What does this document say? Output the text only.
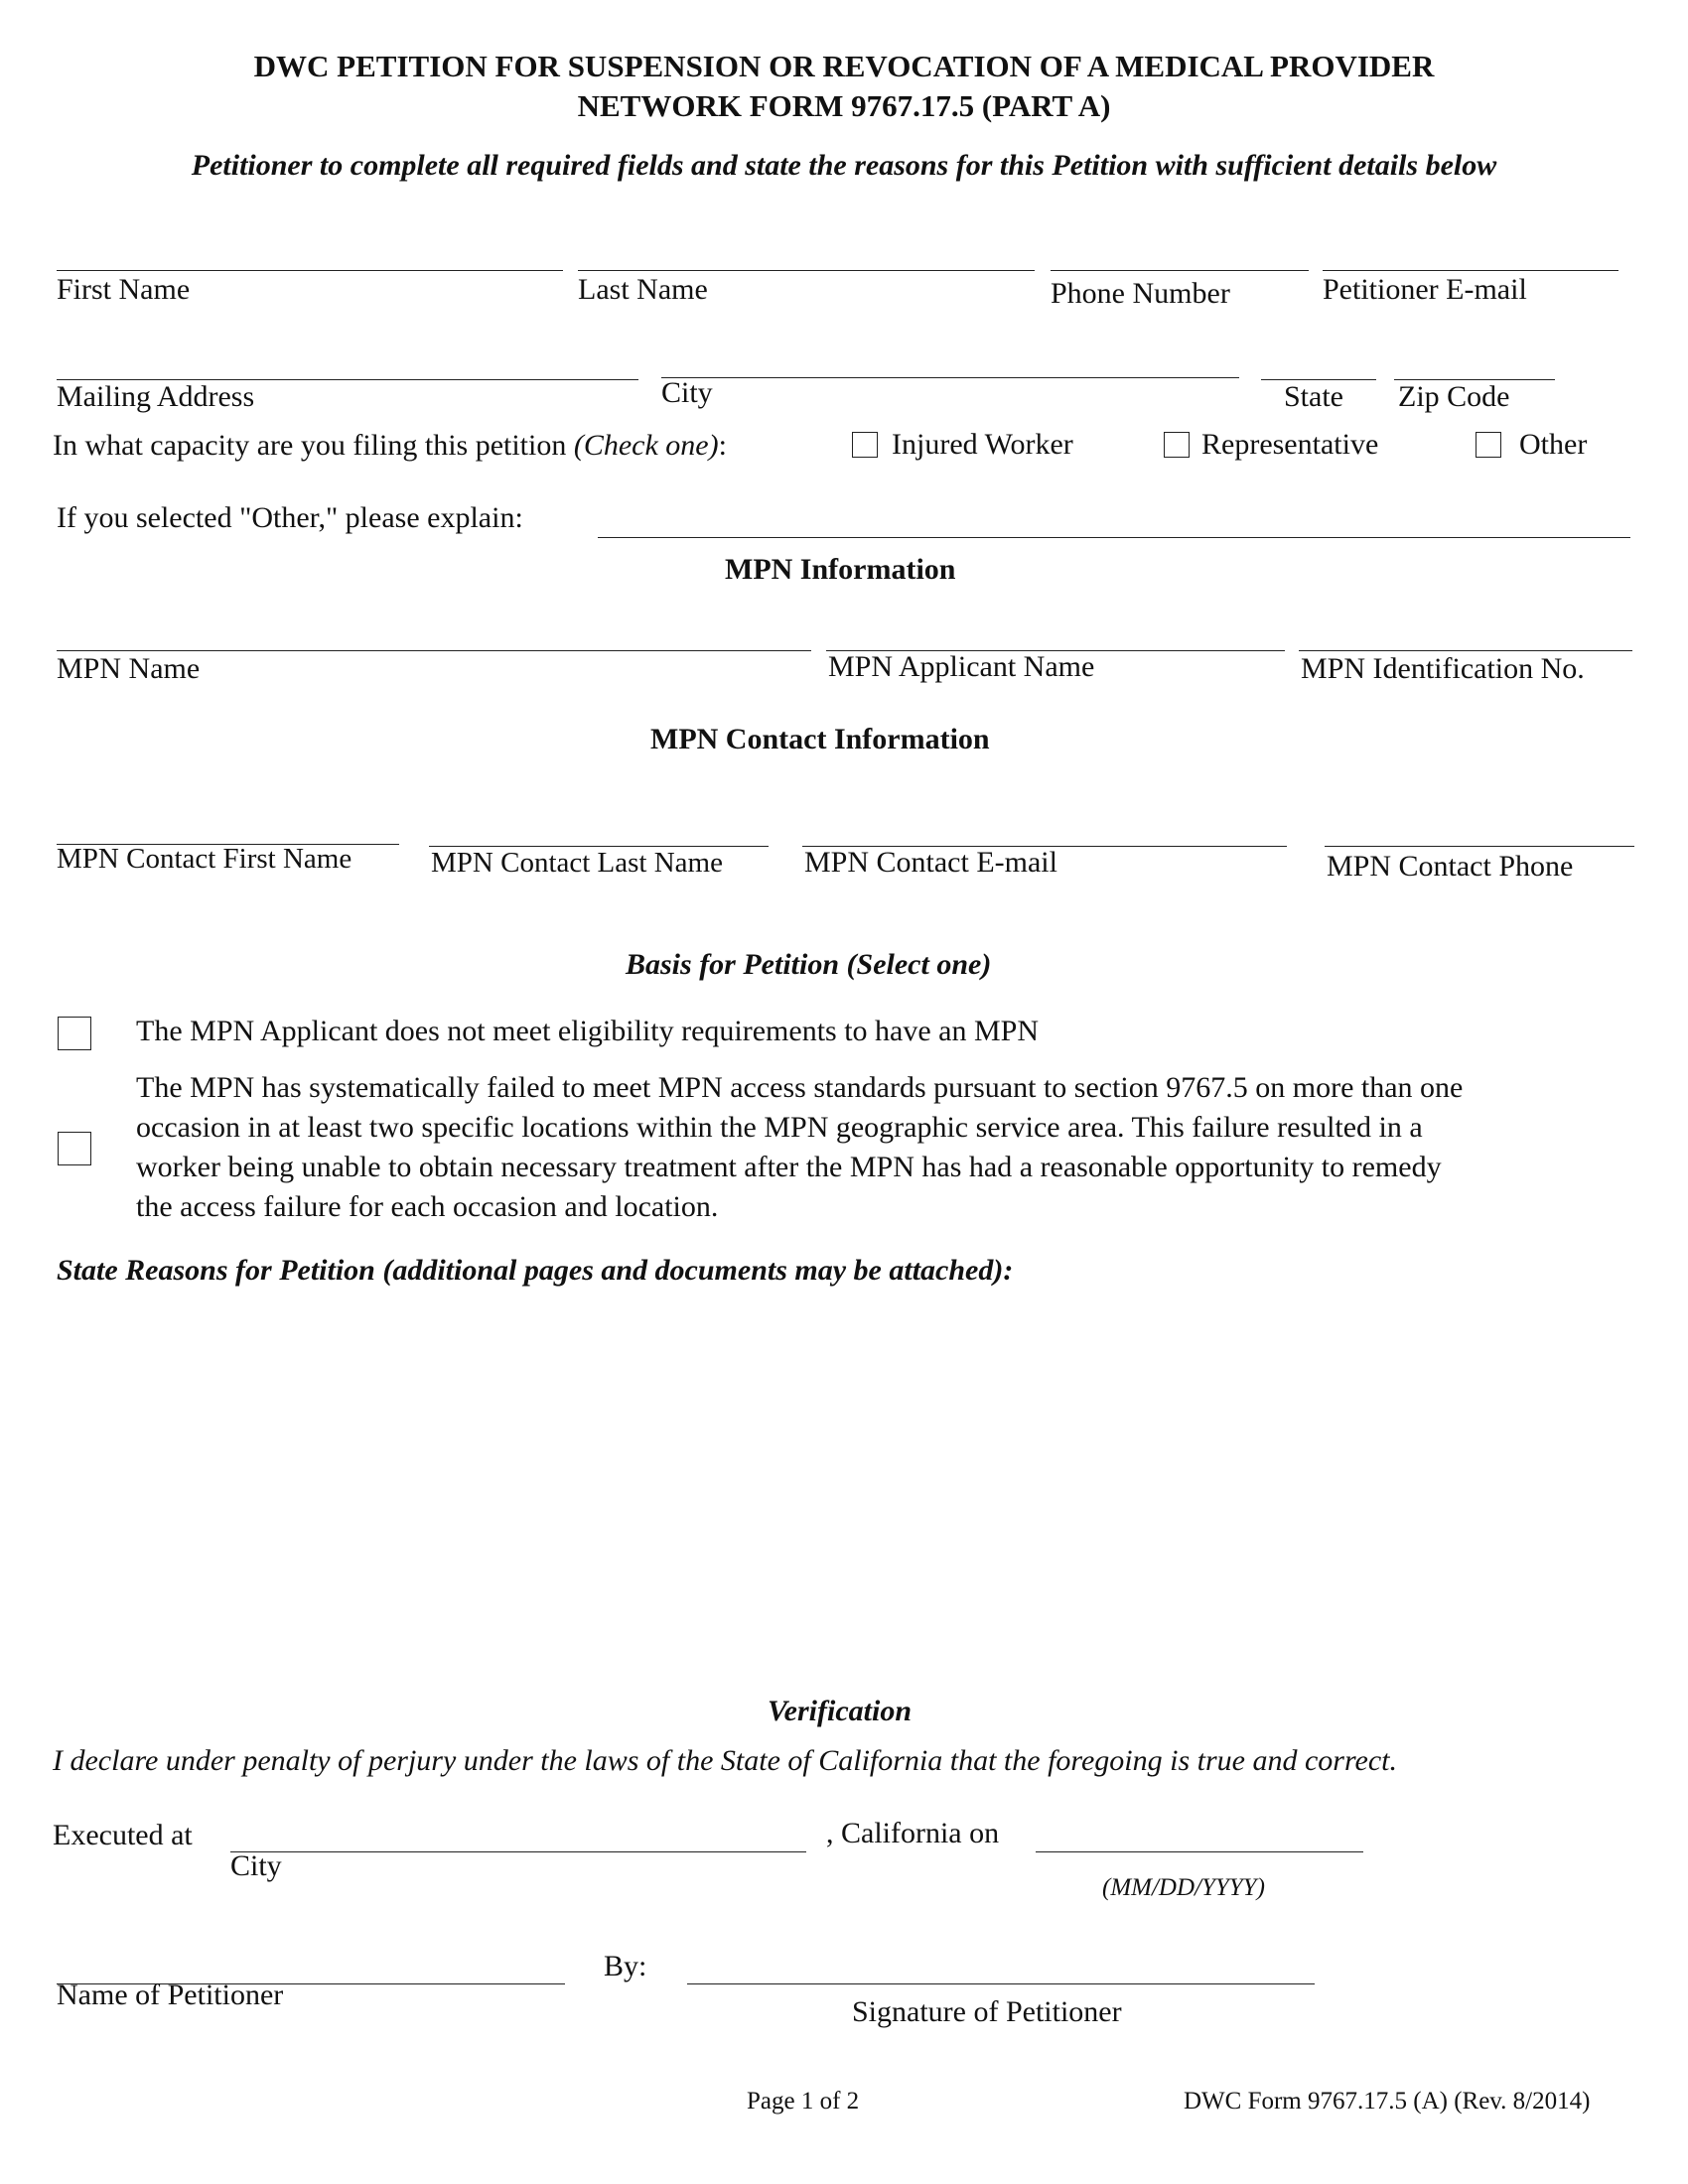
DWC PETITION FOR SUSPENSION OR REVOCATION OF A MEDICAL PROVIDER
NETWORK FORM 9767.17.5 (PART A)
Petitioner to complete all required fields and state the reasons for this Petition with sufficient details below
First Name	Last Name	Phone Number	Petitioner E-mail
Mailing Address	City	State Zip Code
In what capacity are you filing this petition (Check one):	Injured Worker	Representative	Other
If you selected "Other," please explain:
MPN Information
MPN Name	MPN Applicant Name	MPN Identification No.
MPN Contact Information
MPN Contact First Name	MPN Contact Last Name	MPN Contact E-mail	MPN Contact Phone
Basis for Petition (Select one)
The MPN Applicant does not meet eligibility requirements to have an MPN
The MPN has systematically failed to meet MPN access standards pursuant to section 9767.5 on more than one
occasion in at least two specific locations within the MPN geographic service area. This failure resulted in a
worker being unable to obtain necessary treatment after the MPN has had a reasonable opportunity to remedy
the access failure for each occasion and location.
State Reasons for Petition (additional pages and documents may be attached):
Verification
I declare under penalty of perjury under the laws of the State of California that the foregoing is true and correct.
Executed at
City
, California on
(MM/DD/YYYY)
By:
Name of Petitioner
Signature of Petitioner
Page 1 of 2	DWC Form 9767.17.5 (A) (Rev. 8/2014)
